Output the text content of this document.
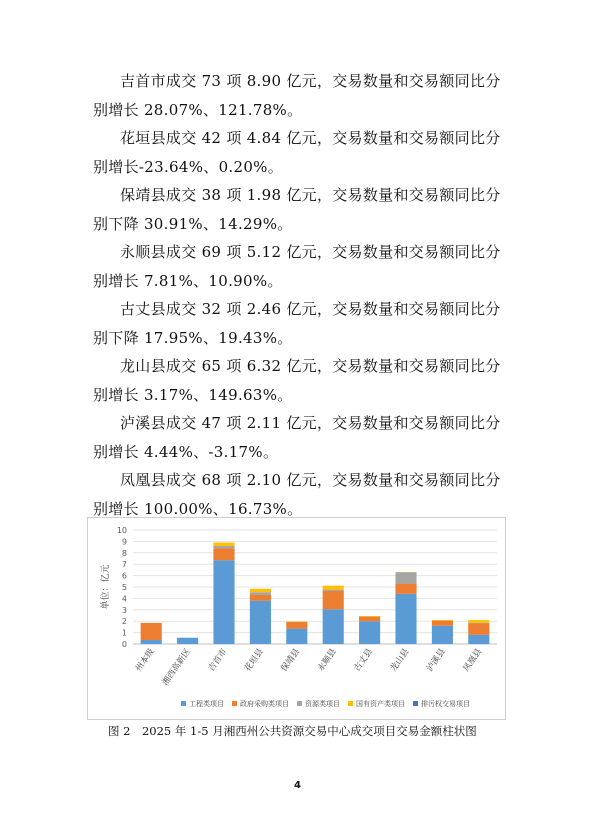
吉首市成交 73 项 8.90 亿元，交易数量和交易额同比分
别增长 28.07%、121.78%。
花垣县成交 42 项 4.84 亿元，交易数量和交易额同比分
别增长-23.64%、0.20%。
保靖县成交 38 项 1.98 亿元，交易数量和交易额同比分
别下降 30.91%、14.29%。
永顺县成交 69 项 5.12 亿元，交易数量和交易额同比分
别增长 7.81%、10.90%。
古丈县成交 32 项 2.46 亿元，交易数量和交易额同比分
别下降 17.95%、19.43%。
龙山县成交 65 项 6.32 亿元，交易数量和交易额同比分
别增长 3.17%、149.63%。
泸溪县成交 47 项 2.11 亿元，交易数量和交易额同比分
别增长 4.44%、-3.17%。
凤凰县成交 68 项 2.10 亿元，交易数量和交易额同比分
别增长 100.00%、16.73%。
0
1
2
3
4
5
6
7
8
9
10
单位：亿元
州本级 湘西高新区 吉首市 花垣县 保靖县 永顺县 古丈县 龙山县 泸溪县 凤凰县
工程类项目 政府采购类项目 资源类项目 国有资产类项目 排污权交易项目
图 2　2025 年 1-5 月湘西州公共资源交易中心成交项目交易金额柱状图
4
